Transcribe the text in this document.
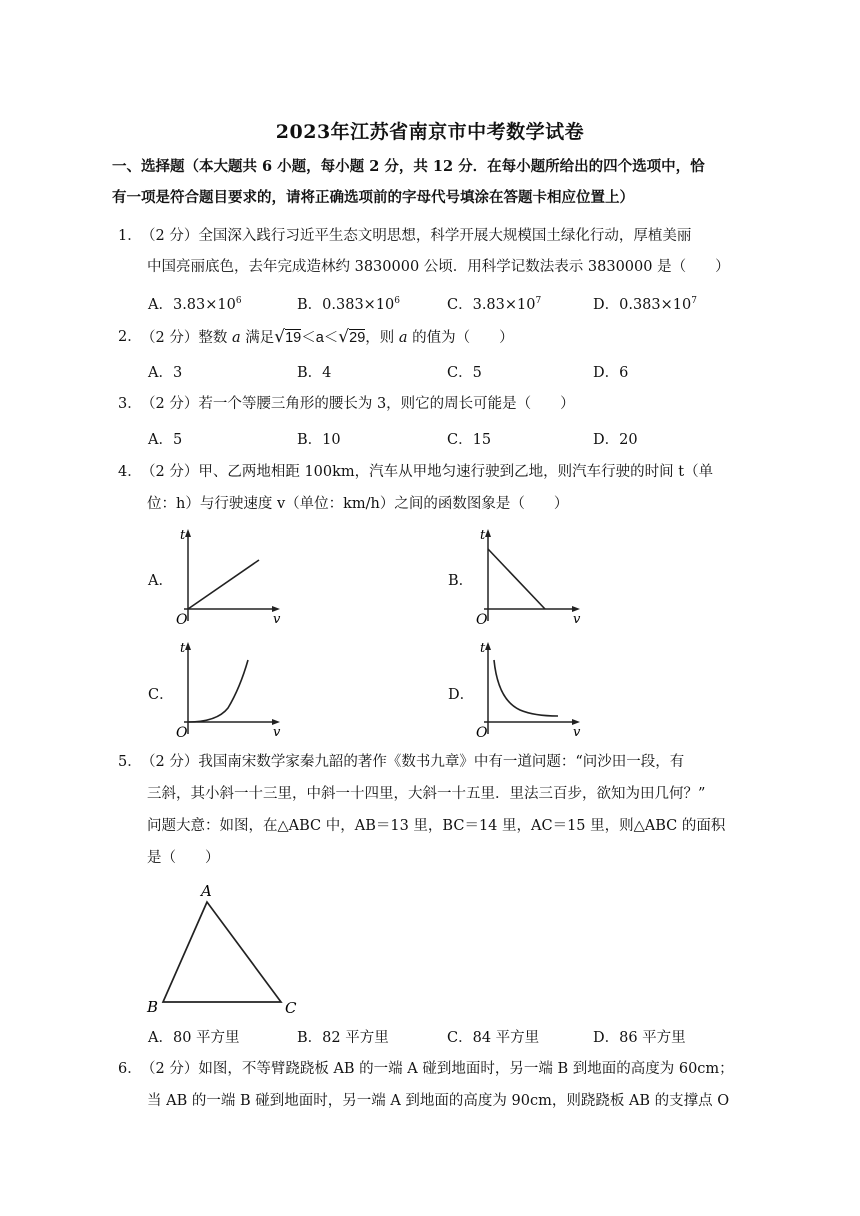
2023年江苏省南京市中考数学试卷
一、选择题（本大题共 6 小题，每小题 2 分，共 12 分．在每小题所给出的四个选项中，恰
有一项是符合题目要求的，请将正确选项前的字母代号填涂在答题卡相应位置上）
1． （2 分）全国深入践行习近平生态文明思想，科学开展大规模国土绿化行动，厚植美丽
中国亮丽底色，去年完成造林约 3830000 公顷．用科学记数法表示 3830000 是（　　）
A．$3.83\times 10^6$	B．$0.383\times 10^6$	C．$3.83\times 10^7$	D．$0.383\times 10^7$
2． （2 分）整数 a 满足√19＜a＜√29，则 a 的值为（　　）
A．3	B．4	C．5	D．6
3． （2 分）若一个等腰三角形的腰长为 3，则它的周长可能是（　　）
A．5	B．10	C．15	D．20
4． （2 分）甲、乙两地相距 100km，汽车从甲地匀速行驶到乙地，则汽车行驶的时间 t（单
位：h）与行驶速度 v（单位：km/h）之间的函数图象是（　　）
A．	B．
C．	D．
t
v
O
t
v
O
t
v
O
t
v
O
5． （2 分）我国南宋数学家秦九韶的著作《数书九章》中有一道问题：“问沙田一段，有
三斜，其小斜一十三里，中斜一十四里，大斜一十五里．里法三百步，欲知为田几何？”
问题大意：如图，在△ABC 中，AB＝13 里，BC＝14 里，AC＝15 里，则△ABC 的面积
是（　　）
A
B	C
A．80 平方里	B．82 平方里	C．84 平方里	D．86 平方里
6． （2 分）如图，不等臂跷跷板 AB 的一端 A 碰到地面时，另一端 B 到地面的高度为 60cm；
当 AB 的一端 B 碰到地面时，另一端 A 到地面的高度为 90cm，则跷跷板 AB 的支撑点 O
